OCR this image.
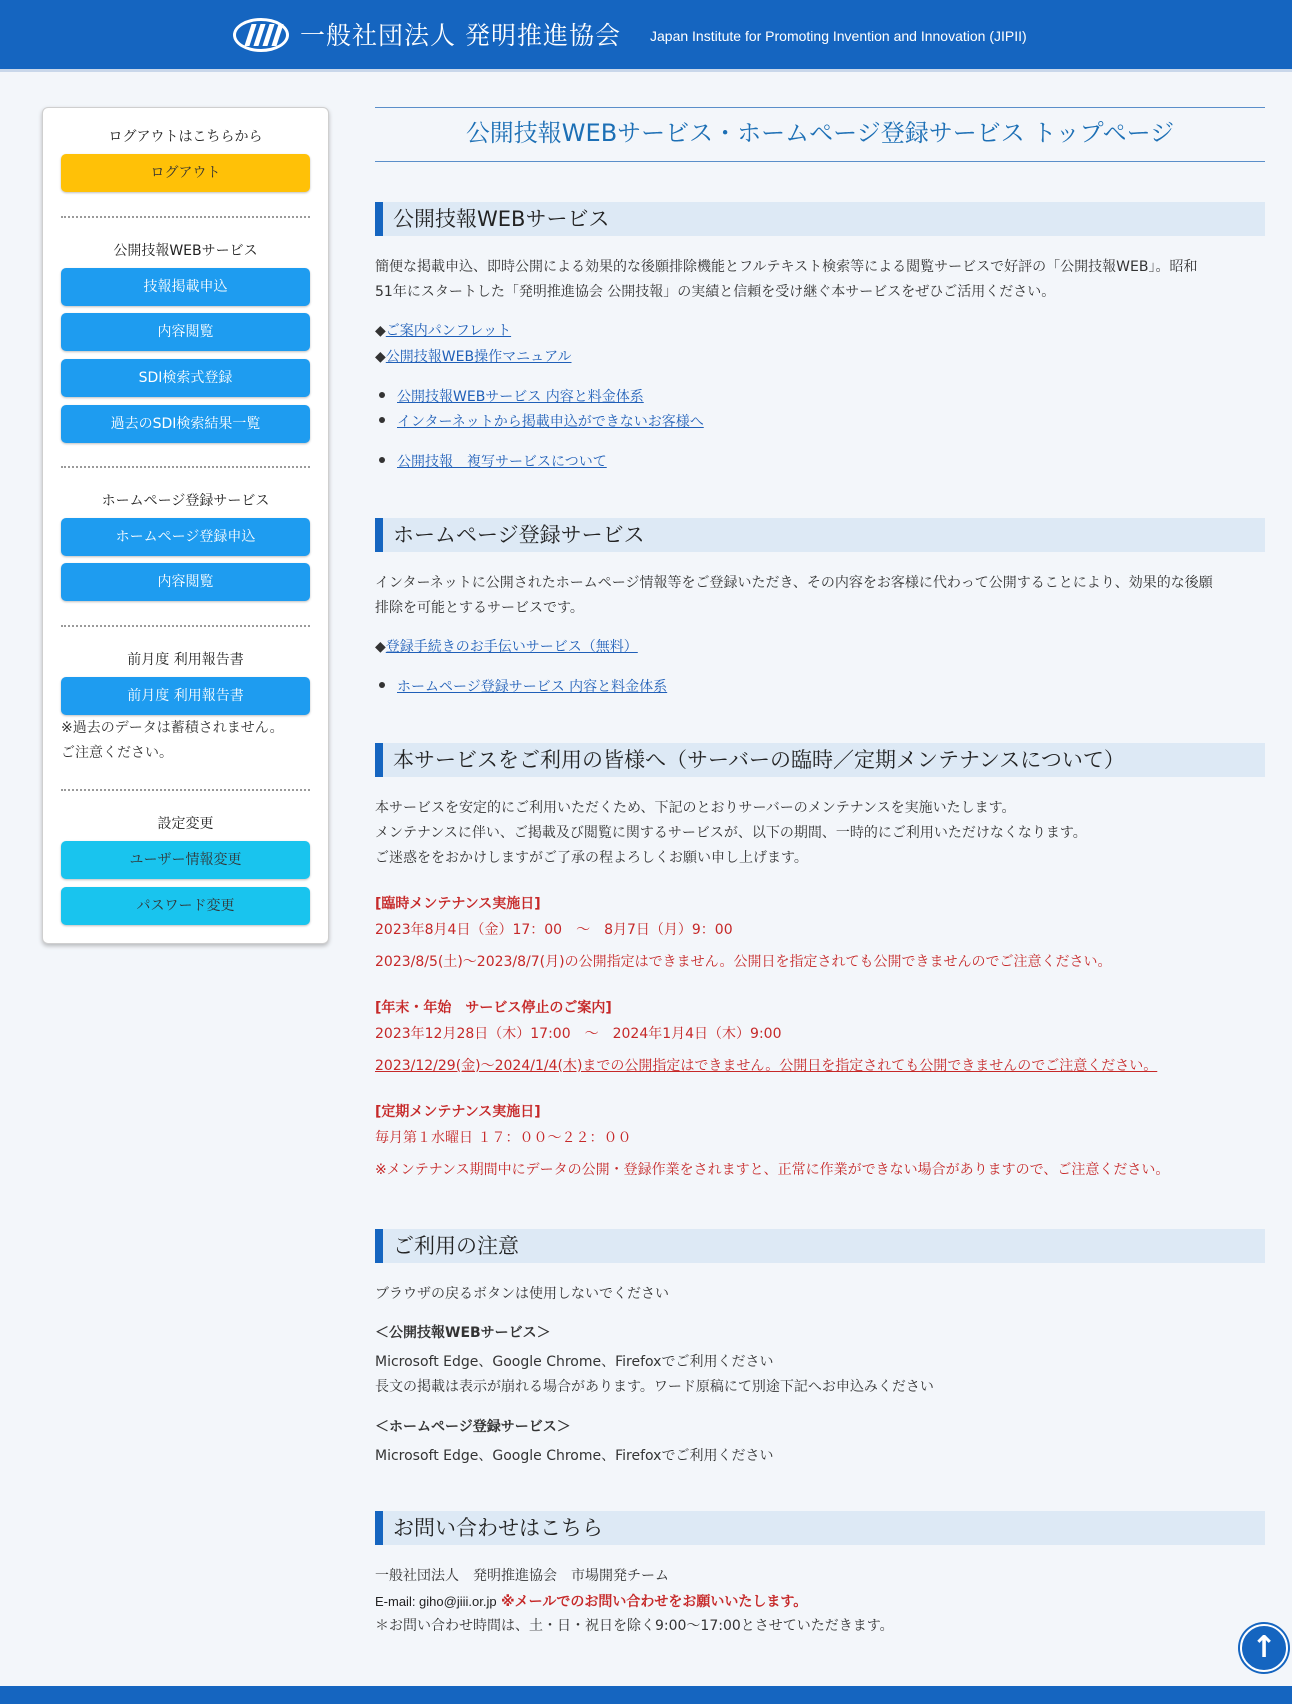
一般社団法人 発明推進協会 Japan Institute for Promoting Invention and Innovation (JIPII)
ログアウトはこちらから
ログアウト
公開技報WEBサービス
技報掲載申込
内容閲覧
SDI検索式登録
過去のSDI検索結果一覧
ホームページ登録サービス
ホームページ登録申込
内容閲覧
前月度 利用報告書
前月度 利用報告書
※過去のデータは蓄積されません。
ご注意ください。
設定変更
ユーザー情報変更
パスワード変更
公開技報WEBサービス・ホームページ登録サービス トップページ
公開技報WEBサービス
簡便な掲載申込、即時公開による効果的な後願排除機能とフルテキスト検索等による閲覧サービスで好評の「公開技報WEB」。昭和
51年にスタートした「発明推進協会 公開技報」の実績と信頼を受け継ぐ本サービスをぜひご活用ください。
◆ご案内パンフレット
◆公開技報WEB操作マニュアル
公開技報WEBサービス 内容と料金体系
インターネットから掲載申込ができないお客様へ
公開技報　複写サービスについて
ホームページ登録サービス
インターネットに公開されたホームページ情報等をご登録いただき、その内容をお客様に代わって公開することにより、効果的な後願
排除を可能とするサービスです。
◆登録手続きのお手伝いサービス（無料）
ホームページ登録サービス 内容と料金体系
本サービスをご利用の皆様へ（サーバーの臨時／定期メンテナンスについて）
本サービスを安定的にご利用いただくため、下記のとおりサーバーのメンテナンスを実施いたします。
メンテナンスに伴い、ご掲載及び閲覧に関するサービスが、以下の期間、一時的にご利用いただけなくなります。
ご迷惑ををおかけしますがご了承の程よろしくお願い申し上げます。
[臨時メンテナンス実施日]
2023年8月4日（金）17：00　～　8月7日（月）9：00
2023/8/5(土)～2023/8/7(月)の公開指定はできません。公開日を指定されても公開できませんのでご注意ください。
[年末・年始　サービス停止のご案内]
2023年12月28日（木）17:00　～　2024年1月4日（木）9:00
2023/12/29(金)～2024/1/4(木)までの公開指定はできません。公開日を指定されても公開できませんのでご注意ください。
[定期メンテナンス実施日]
毎月第１水曜日 １７：００～２２：００
※メンテナンス期間中にデータの公開・登録作業をされますと、正常に作業ができない場合がありますので、ご注意ください。
ご利用の注意
ブラウザの戻るボタンは使用しないでください
＜公開技報WEBサービス＞
Microsoft Edge、Google Chrome、Firefoxでご利用ください
長文の掲載は表示が崩れる場合があります。ワード原稿にて別途下記へお申込みください
＜ホームページ登録サービス＞
Microsoft Edge、Google Chrome、Firefoxでご利用ください
お問い合わせはこちら
一般社団法人　発明推進協会　市場開発チーム
E-mail: giho@jiii.or.jp ※メールでのお問い合わせをお願いいたします。
＊お問い合わせ時間は、土・日・祝日を除く9:00～17:00とさせていただきます。
↑
